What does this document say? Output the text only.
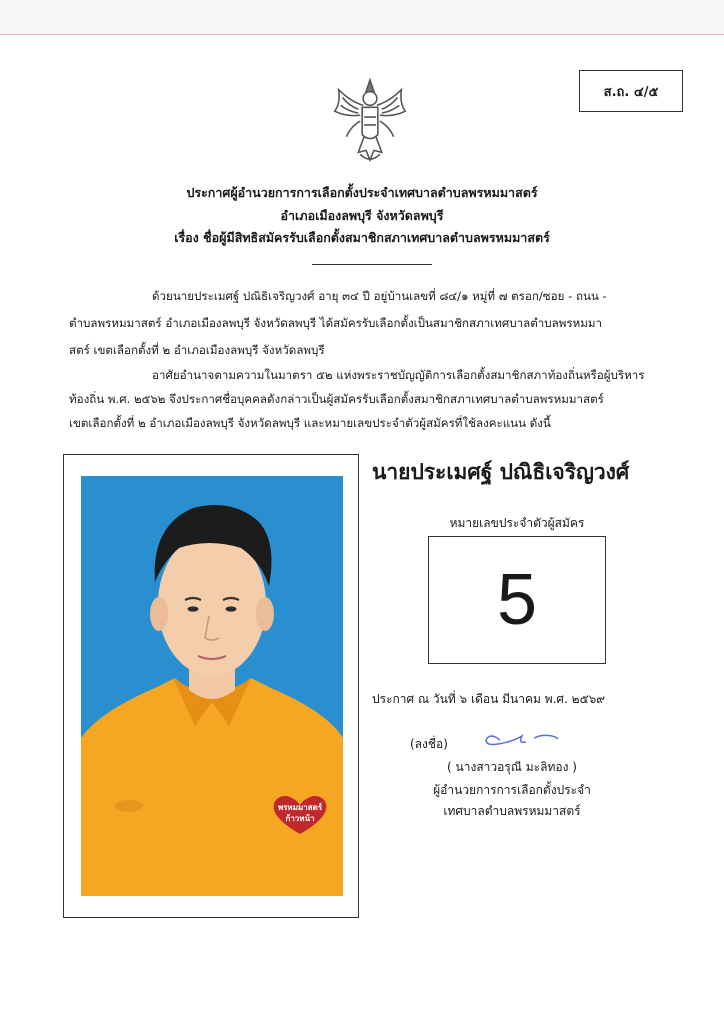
ส.ถ. ๔/๕
ประกาศผู้อำนวยการการเลือกตั้งประจำเทศบาลตำบลพรหมมาสตร์
อำเภอเมืองลพบุรี จังหวัดลพบุรี
เรื่อง ชื่อผู้มีสิทธิสมัครรับเลือกตั้งสมาชิกสภาเทศบาลตำบลพรหมมาสตร์
ด้วยนายประเมศฐ์ ปณิธิเจริญวงศ์ อายุ ๓๔ ปี อยู่บ้านเลขที่ ๘๔/๑ หมู่ที่ ๗ ตรอก/ซอย - ถนน -
ตำบลพรหมมาสตร์ อำเภอเมืองลพบุรี จังหวัดลพบุรี ได้สมัครรับเลือกตั้งเป็นสมาชิกสภาเทศบาลตำบลพรหมมา
สตร์ เขตเลือกตั้งที่ ๒ อำเภอเมืองลพบุรี จังหวัดลพบุรี
อาศัยอำนาจตามความในมาตรา ๕๒ แห่งพระราชบัญญัติการเลือกตั้งสมาชิกสภาท้องถิ่นหรือผู้บริหาร
ท้องถิ่น พ.ศ. ๒๕๖๒ จึงประกาศชื่อบุคคลดังกล่าวเป็นผู้สมัครรับเลือกตั้งสมาชิกสภาเทศบาลตำบลพรหมมาสตร์
เขตเลือกตั้งที่ ๒ อำเภอเมืองลพบุรี จังหวัดลพบุรี และหมายเลขประจำตัวผู้สมัครที่ใช้ลงคะแนน ดังนี้
พรหมมาสตร์
ก้าวหน้า
นายประเมศฐ์ ปณิธิเจริญวงศ์
หมายเลขประจำตัวผู้สมัคร
5
ประกาศ ณ วันที่ ๖ เดือน มีนาคม พ.ศ. ๒๕๖๙
(ลงชื่อ)
( นางสาวอรุณี มะลิทอง )
ผู้อำนวยการการเลือกตั้งประจำ
เทศบาลตำบลพรหมมาสตร์
